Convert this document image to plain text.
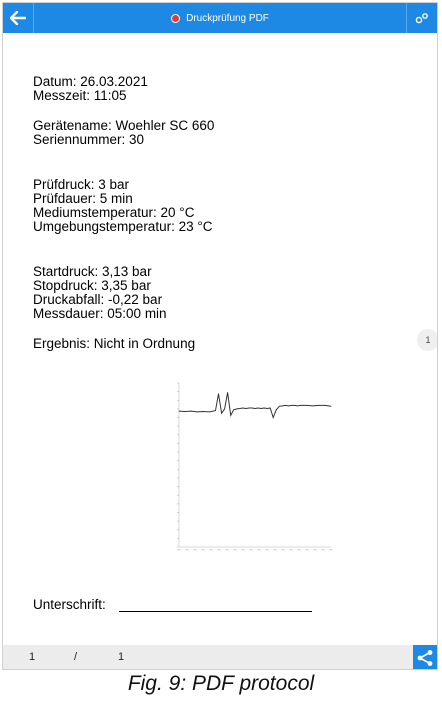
Druckprüfung PDF
Datum: 26.03.2021
Messzeit: 11:05
Gerätename: Woehler SC 660
Seriennummer: 30
Prüfdruck: 3 bar
Prüfdauer: 5 min
Mediumstemperatur: 20 °C
Umgebungstemperatur: 23 °C
Startdruck: 3,13 bar
Stopdruck: 3,35 bar
Druckabfall: -0,22 bar
Messdauer: 05:00 min
Ergebnis: Nicht in Ordnung
Unterschrift:
1
1	/	1
Fig. 9: PDF protocol
